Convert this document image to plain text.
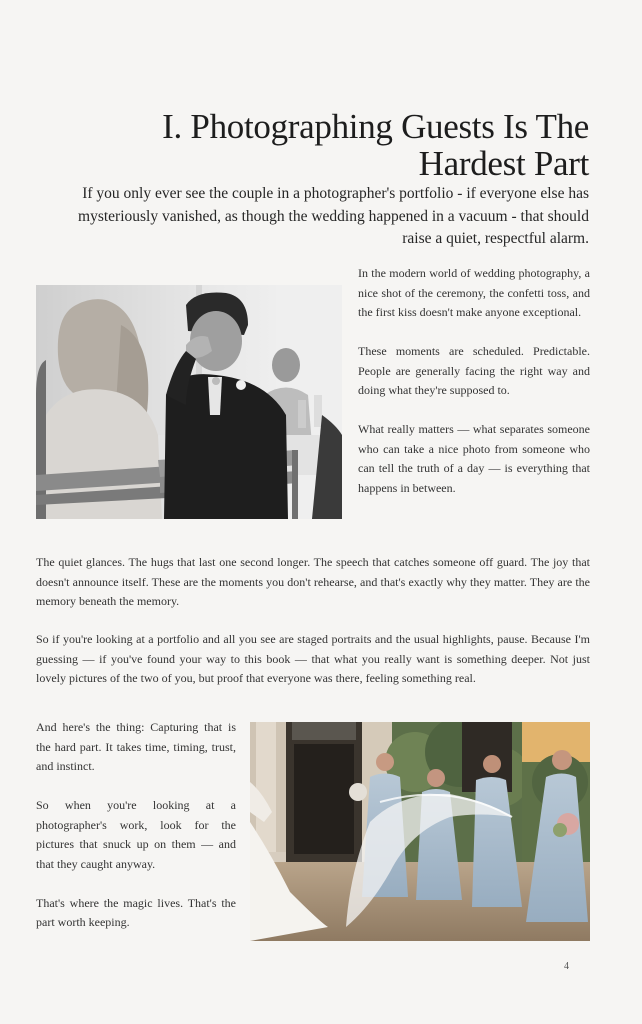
I. Photographing Guests Is The Hardest Part

If you only ever see the couple in a photographer's portfolio - if everyone else has mysteriously vanished, as though the wedding happened in a vacuum - that should raise a quiet, respectful alarm.

In the modern world of wedding photography, a nice shot of the ceremony, the confetti toss, and the first kiss doesn't make anyone exceptional.

These moments are scheduled. Predictable. People are generally facing the right way and doing what they're supposed to.

What really matters — what separates someone who can take a nice photo from someone who can tell the truth of a day — is everything that happens in between.

The quiet glances. The hugs that last one second longer. The speech that catches someone off guard. The joy that doesn't announce itself. These are the moments you don't rehearse, and that's exactly why they matter. They are the memory beneath the memory.

So if you're looking at a portfolio and all you see are staged portraits and the usual highlights, pause. Because I'm guessing — if you've found your way to this book — that what you really want is something deeper. Not just lovely pictures of the two of you, but proof that everyone was there, feeling something real.

And here's the thing: Capturing that is the hard part. It takes time, timing, trust, and instinct.

So when you're looking at a photographer's work, look for the pictures that snuck up on them — and that they caught anyway.

That's where the magic lives. That's the part worth keeping.

4
